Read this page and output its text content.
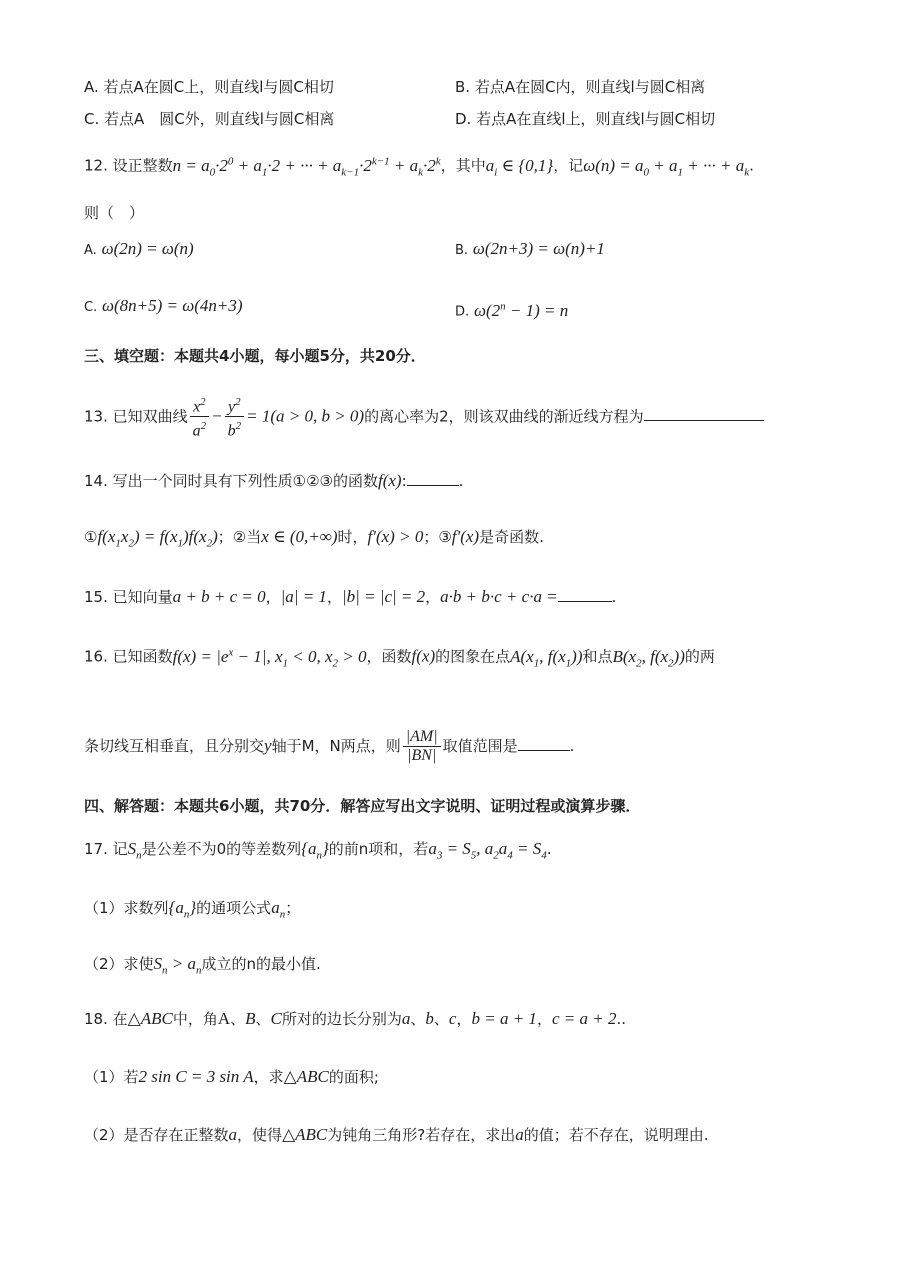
A. 若点A在圆C上，则直线l与圆C相切	B. 若点A在圆C内，则直线l与圆C相离
C. 若点A　圆C外，则直线l与圆C相离	D. 若点A在直线l上，则直线l与圆C相切
12. 设正整数$n = a_0\cdot 2^0 + a_1\cdot 2$ + ··· + $a_{k-1}\cdot 2^{k-1} + a_k\cdot 2^k$，其中$a_i$ ∈ {0,1}，记$\omega(n) = a_0 + a_1$ + ··· + $a_k$.
则（　）
A. ω(2n) = ω(n)	B. ω(2n+3) = ω(n)+1
C. ω(8n+5) = ω(4n+3)	D. $\omega(2^n - 1) = n$
三、填空题：本题共4小题，每小题5分，共20分．
13. 已知双曲线 $\frac{x^2}{a^2} - \frac{y^2}{b^2} = 1(a > 0$, b > 0)的离心率为2，则该双曲线的渐近线方程为
14. 写出一个同时具有下列性质①②③的函数f(x):	.
$①f(x_1x_2) = f(x_1)f(x_2)$；②当x ∈ (0,+∞)时，f′(x) > 0；③f′(x)是奇函数.
15. 已知向量a + b + c = 0，|a| = 1，|b| = |c| = 2，a·b + b·c + c·a =	.
16. 已知函数$f(x) = |e^x - 1|$, $x_1 < 0$, $x_2 > 0$，函数f(x)的图象在点$A(x_1$, $f(x_1)$)和点$B(x_2$, $f(x_2)$)的两
条切线互相垂直，且分别交y轴于M，N两点，则 $\frac{|AM|}{|BN|}$ 取值范围是	.
四、解答题：本题共6小题，共70分．解答应写出文字说明、证明过程或演算步骤．
17. 记$S_n$是公差不为0的等差数列$\{a_n\}$的前n项和，若$a_3 = S_5$, $a_2a_4 = S_4$.
（1）求数列$\{a_n\}$的通项公式$a_n$；
（2）求使$S_n > a_n$成立的n的最小值.
18. 在△ABC中，角A、B、C所对的边长分别为a、b、c，b = a + 1，c = a + 2..
（1）若2 sin C = 3 sin A，求△ABC的面积;
（2）是否存在正整数a，使得△ABC为钝角三角形?若存在，求出a的值；若不存在，说明理由.
